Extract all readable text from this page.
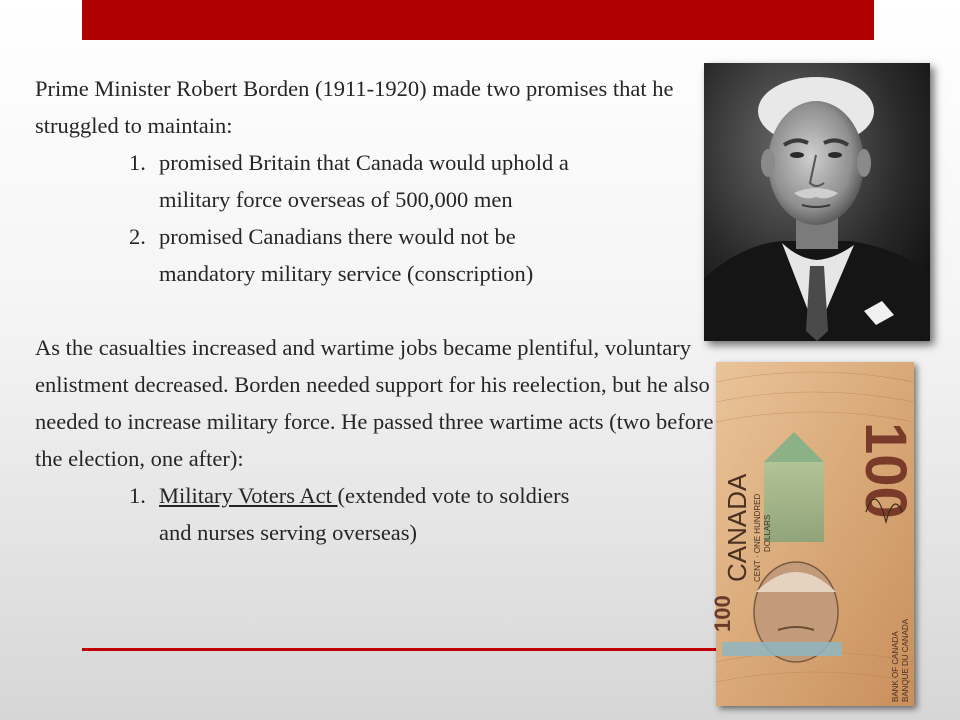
Prime Minister Robert Borden (1911-1920) made two promises that he struggled to maintain:

1. promised Britain that Canada would uphold a
military force overseas of 500,000 men
2. promised Canadians there would not be
mandatory military service (conscription)

As the casualties increased and wartime jobs became plentiful, voluntary enlistment decreased. Borden needed support for his reelection, but he also needed to increase military force. He passed three wartime acts (two before the election, one after):

1. Military Voters Act (extended vote to soldiers
and nurses serving overseas)
100
CANADA CENT · ONE HUNDRED DOLLARS
100
BANK OF CANADA BANQUE DU CANADA
